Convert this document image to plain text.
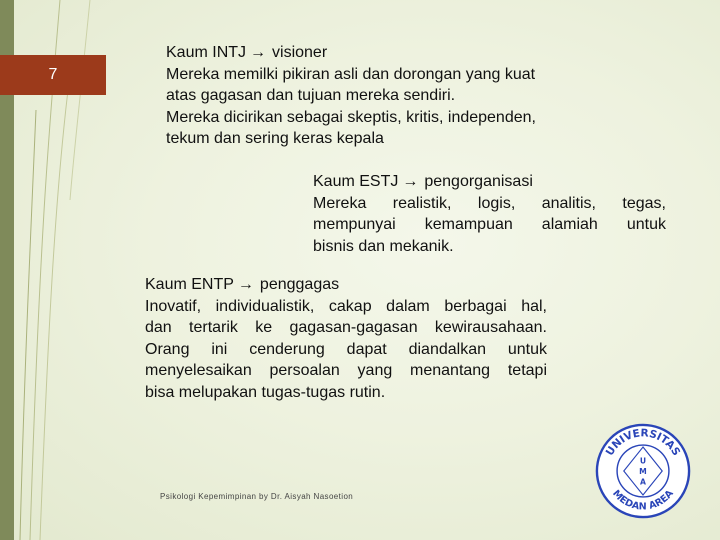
7
Kaum INTJ → visioner
Mereka memilki pikiran asli dan dorongan yang kuat
atas gagasan dan tujuan mereka sendiri.
Mereka dicirikan sebagai skeptis, kritis, independen,
tekum dan sering keras kepala
Kaum ESTJ → pengorganisasi
Mereka realistik, logis, analitis, tegas,
mempunyai kemampuan alamiah untuk
bisnis dan mekanik.
Kaum ENTP → penggagas
Inovatif, individualistik, cakap dalam berbagai hal,
dan tertarik ke gagasan-gagasan kewirausahaan.
Orang ini cenderung dapat diandalkan untuk
menyelesaikan persoalan yang menantang tetapi
bisa melupakan tugas-tugas rutin.
Psikologi Kepemimpinan by Dr. Aisyah Nasoetion
UNIVERSITAS
MEDAN AREA
U
M
A
